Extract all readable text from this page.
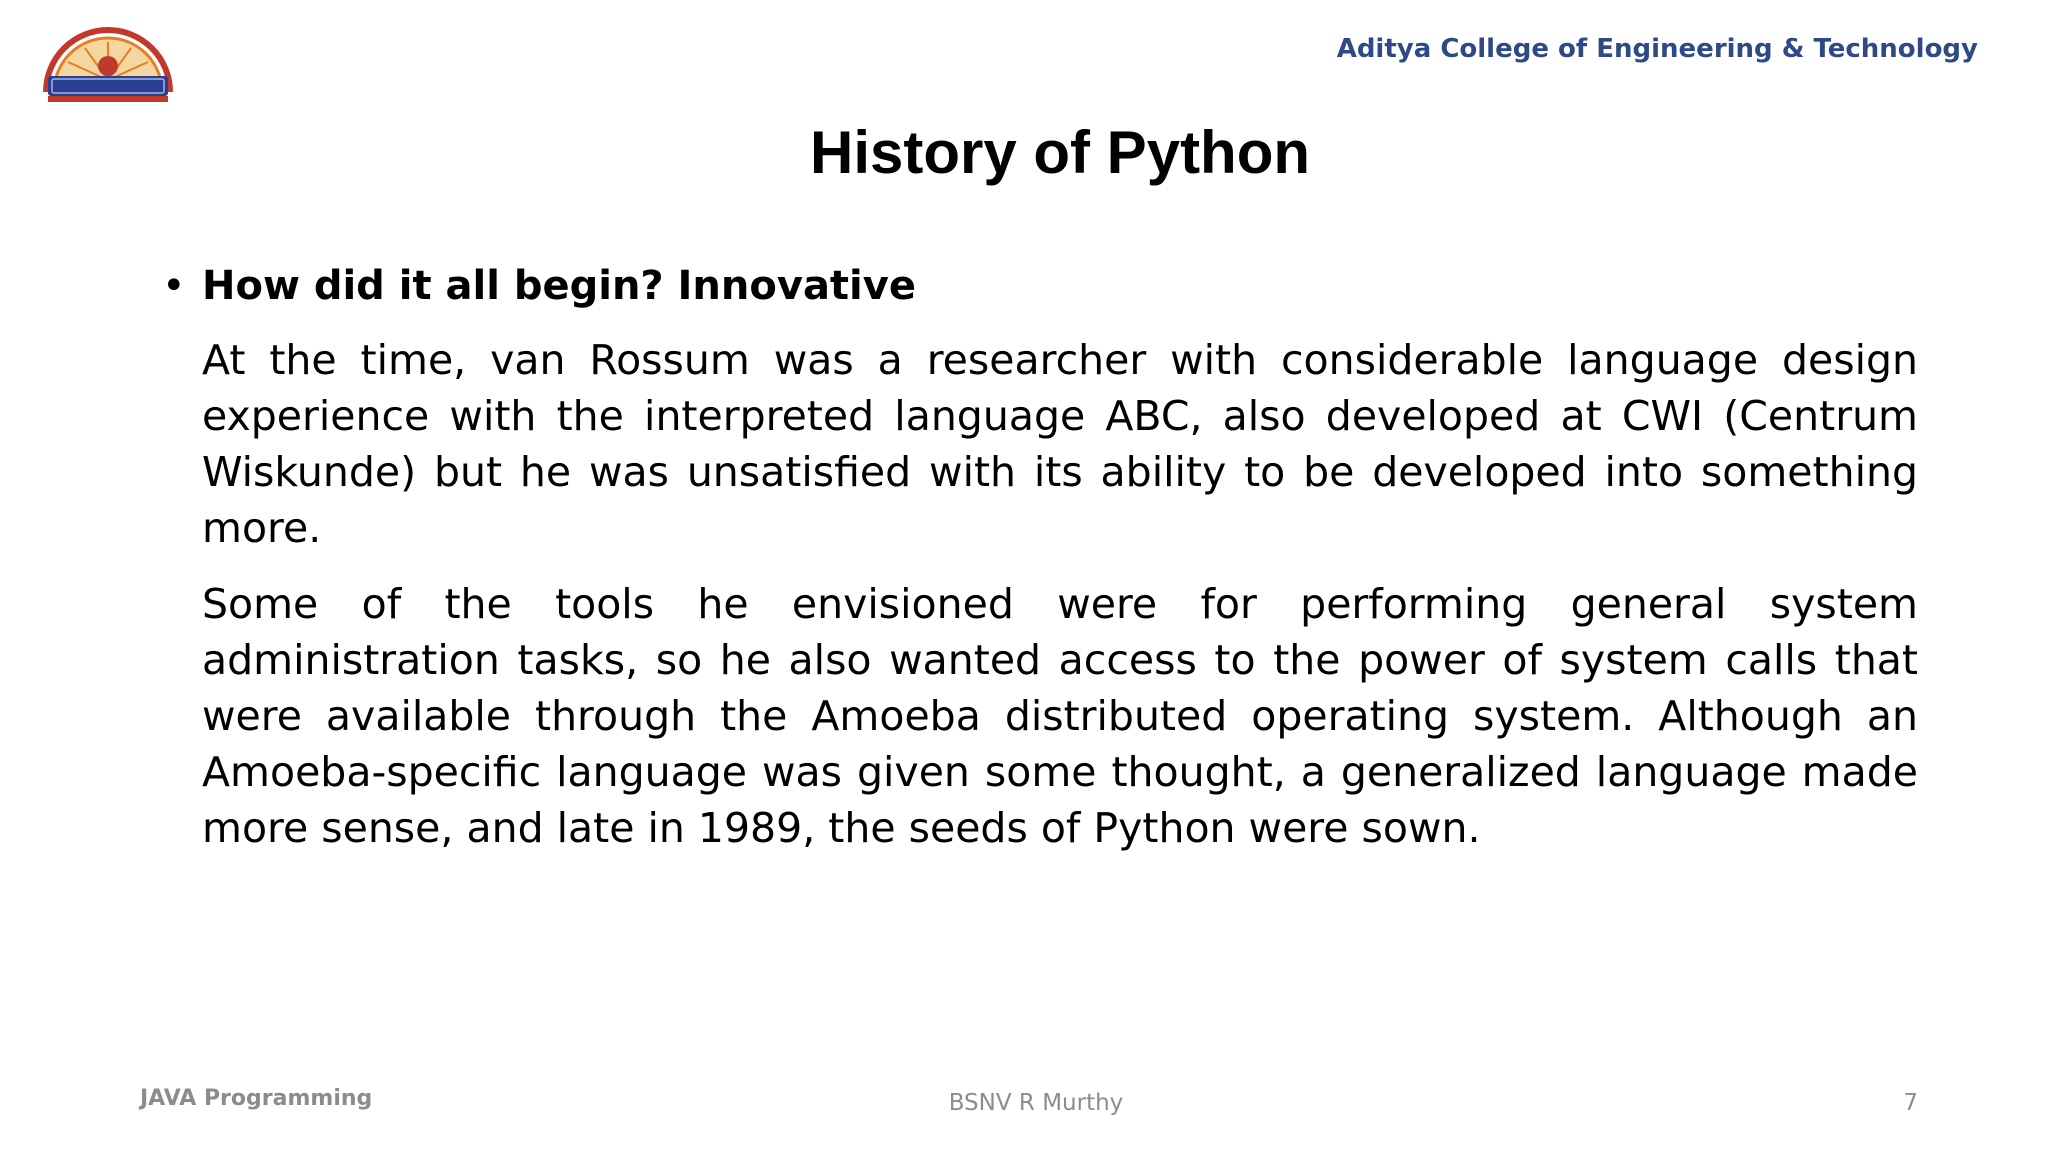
Aditya College of Engineering & Technology
History of Python
• How did it all begin? Innovative

At the time, van Rossum was a researcher with considerable language design experience with the interpreted language ABC, also developed at CWI (Centrum Wiskunde) but he was unsatisfied with its ability to be developed into something more.

Some of the tools he envisioned were for performing general system administration tasks, so he also wanted access to the power of system calls that were available through the Amoeba distributed operating system. Although an Amoeba-specific language was given some thought, a generalized language made more sense, and late in 1989, the seeds of Python were sown.

JAVA Programming	BSNV R Murthy	7
